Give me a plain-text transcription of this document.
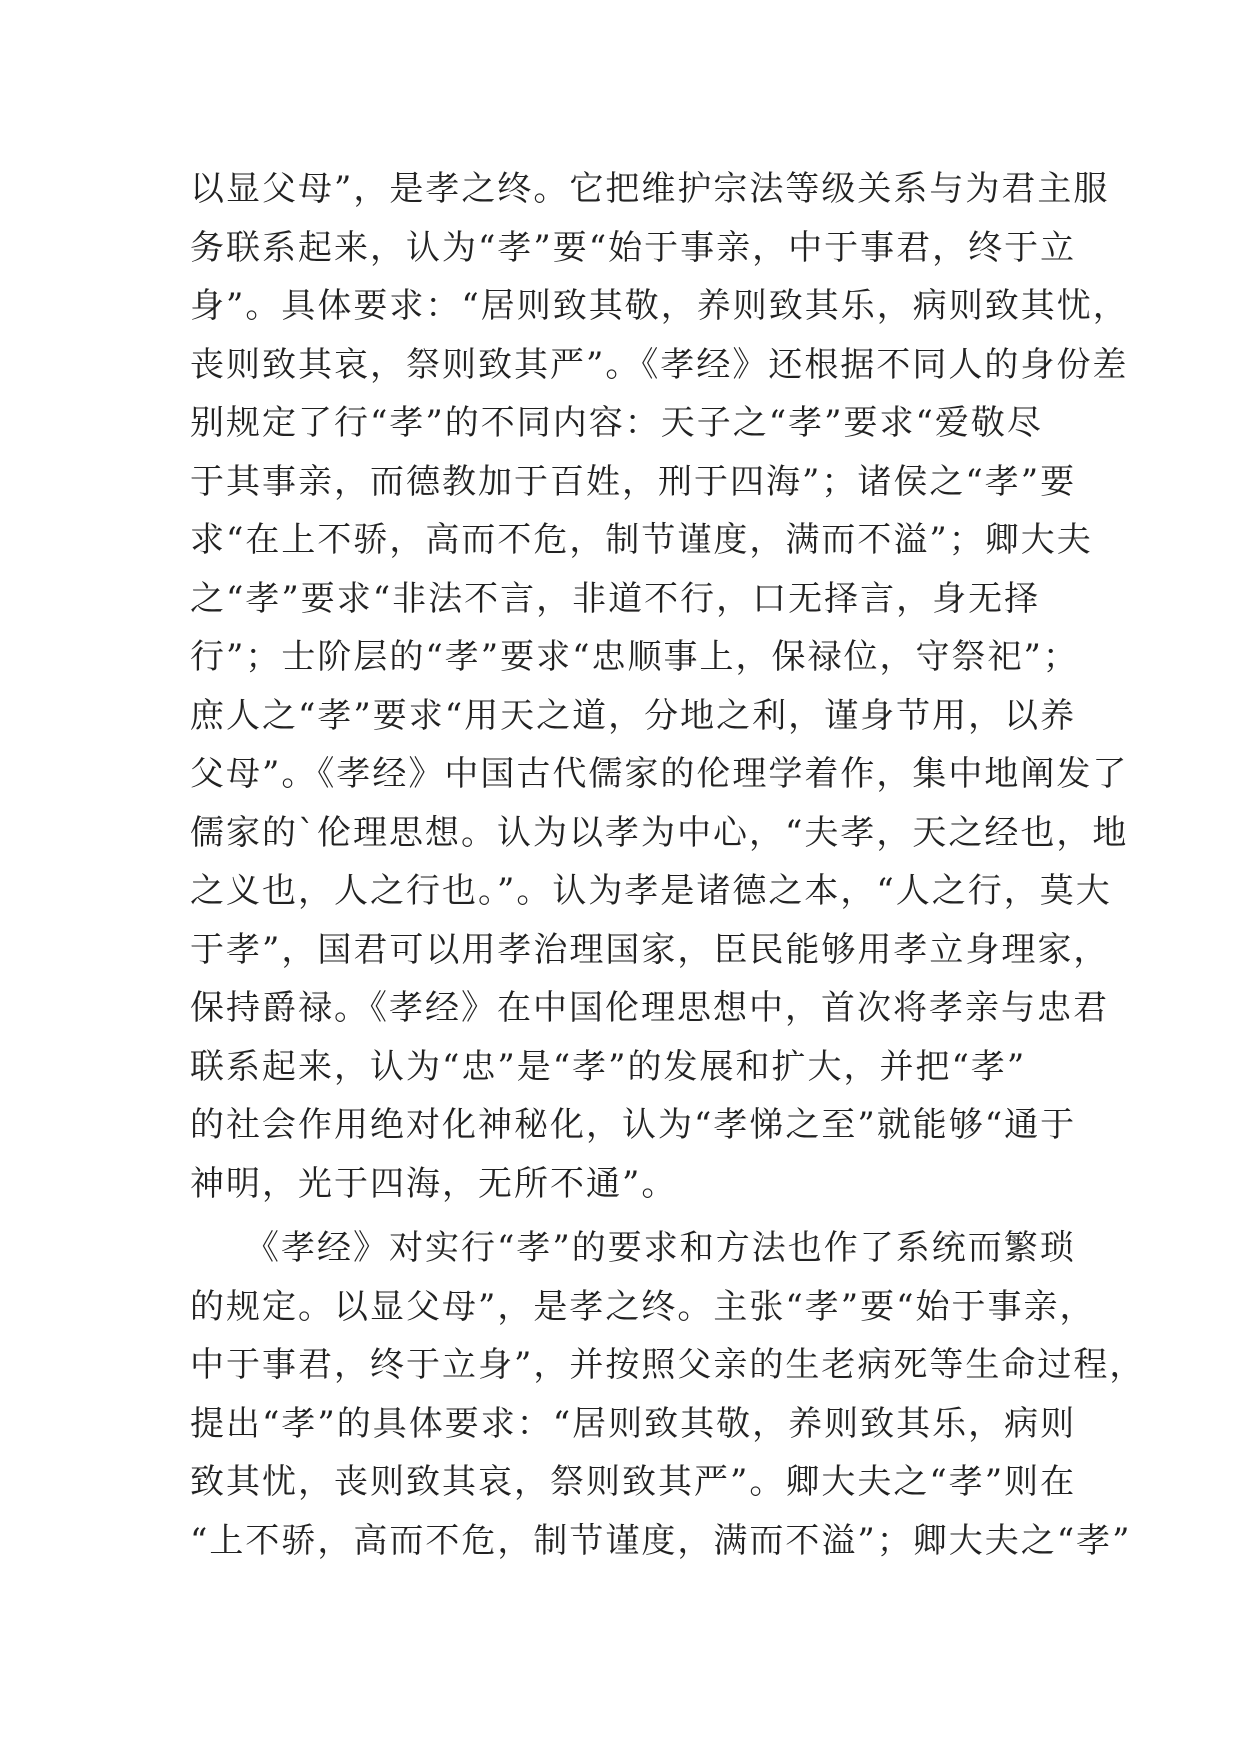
以显父母”，是孝之终。它把维护宗法等级关系与为君主服
务联系起来，认为“孝”要“始于事亲，中于事君，终于立
身”。具体要求：“居则致其敬，养则致其乐，病则致其忧，
丧则致其哀，祭则致其严”。《孝经》还根据不同人的身份差
别规定了行“孝”的不同内容：天子之“孝”要求“爱敬尽
于其事亲，而德教加于百姓，刑于四海”；诸侯之“孝”要
求“在上不骄，高而不危，制节谨度，满而不溢”；卿大夫
之“孝”要求“非法不言，非道不行，口无择言，身无择
行”；士阶层的“孝”要求“忠顺事上，保禄位，守祭祀”；
庶人之“孝”要求“用天之道，分地之利，谨身节用，以养
父母”。《孝经》中国古代儒家的伦理学着作，集中地阐发了
儒家的`伦理思想。认为以孝为中心，“夫孝，天之经也，地
之义也，人之行也。”。认为孝是诸德之本，“人之行，莫大
于孝”，国君可以用孝治理国家，臣民能够用孝立身理家，
保持爵禄。《孝经》在中国伦理思想中，首次将孝亲与忠君
联系起来，认为“忠”是“孝”的发展和扩大，并把“孝”
的社会作用绝对化神秘化，认为“孝悌之至”就能够“通于
神明，光于四海，无所不通”。
　　《孝经》对实行“孝”的要求和方法也作了系统而繁琐
的规定。以显父母”，是孝之终。主张“孝”要“始于事亲，
中于事君，终于立身”，并按照父亲的生老病死等生命过程，
提出“孝”的具体要求：“居则致其敬，养则致其乐，病则
致其忧，丧则致其哀，祭则致其严”。卿大夫之“孝”则在
“上不骄，高而不危，制节谨度，满而不溢”；卿大夫之“孝”
